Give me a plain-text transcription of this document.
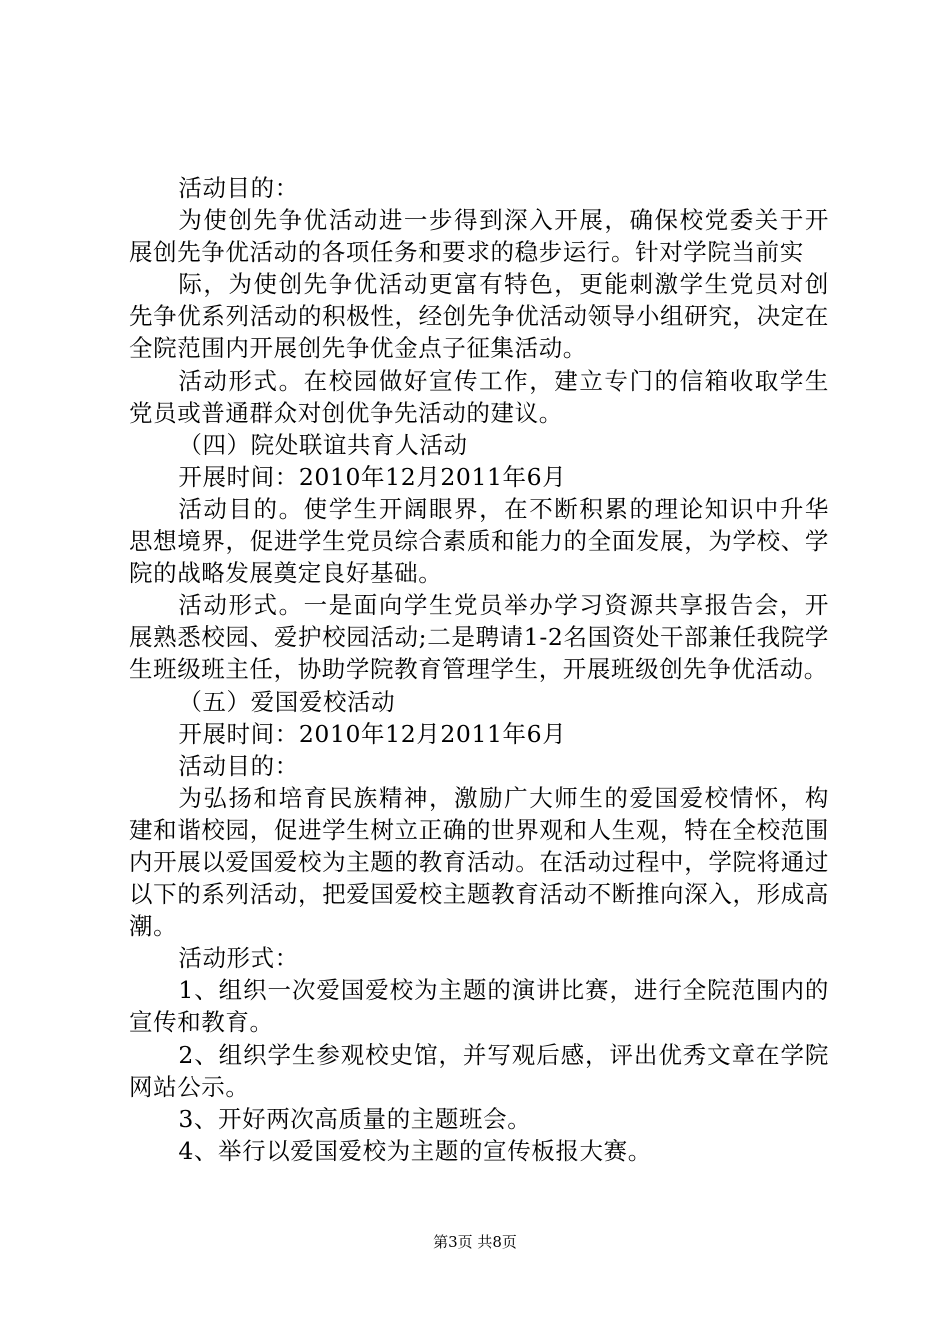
活动目的：

为使创先争优活动进一步得到深入开展，确保校党委关于开展创先争优活动的各项任务和要求的稳步运行。针对学院当前实

际，为使创先争优活动更富有特色，更能刺激学生党员对创先争优系列活动的积极性，经创先争优活动领导小组研究，决定在全院范围内开展创先争优金点子征集活动。

活动形式。在校园做好宣传工作，建立专门的信箱收取学生党员或普通群众对创优争先活动的建议。

（四）院处联谊共育人活动

开展时间：2010年12月2011年6月

活动目的。使学生开阔眼界，在不断积累的理论知识中升华思想境界，促进学生党员综合素质和能力的全面发展，为学校、学院的战略发展奠定良好基础。

活动形式。一是面向学生党员举办学习资源共享报告会，开展熟悉校园、爱护校园活动;二是聘请1-2名国资处干部兼任我院学生班级班主任，协助学院教育管理学生，开展班级创先争优活动。

（五）爱国爱校活动

开展时间：2010年12月2011年6月

活动目的：

为弘扬和培育民族精神，激励广大师生的爱国爱校情怀，构建和谐校园，促进学生树立正确的世界观和人生观，特在全校范围内开展以爱国爱校为主题的教育活动。在活动过程中，学院将通过以下的系列活动，把爱国爱校主题教育活动不断推向深入，形成高潮。

活动形式：

1、组织一次爱国爱校为主题的演讲比赛，进行全院范围内的宣传和教育。

2、组织学生参观校史馆，并写观后感，评出优秀文章在学院网站公示。

3、开好两次高质量的主题班会。

4、举行以爱国爱校为主题的宣传板报大赛。

第3页 共8页
